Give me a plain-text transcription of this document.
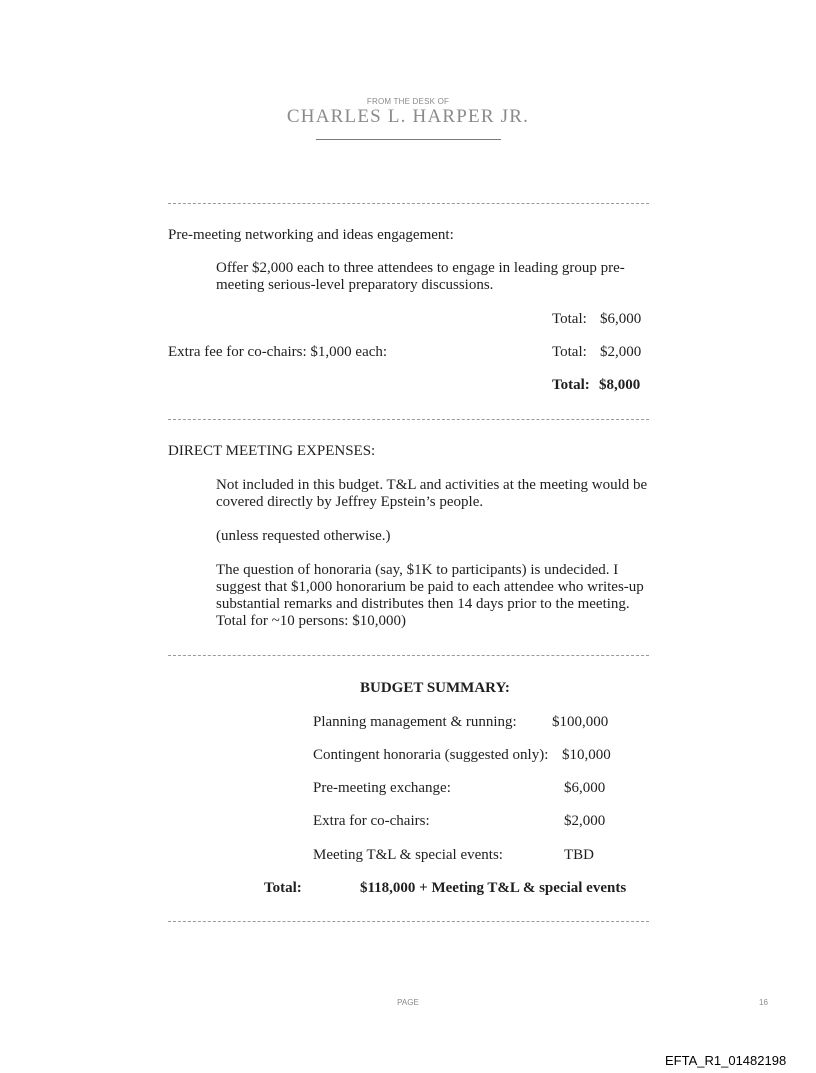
FROM THE DESK OF
CHARLES L. HARPER JR.
Pre-meeting networking and ideas engagement:
Offer $2,000 each to three attendees to engage in leading group pre-meeting serious-level preparatory discussions.
Total: $6,000
Extra fee for co-chairs: $1,000 each:	Total: $2,000
Total: $8,000
DIRECT MEETING EXPENSES:
Not included in this budget. T&L and activities at the meeting would be covered directly by Jeffrey Epstein’s people.
(unless requested otherwise.)
The question of honoraria (say, $1K to participants) is undecided. I suggest that $1,000 honorarium be paid to each attendee who writes-up substantial remarks and distributes then 14 days prior to the meeting. Total for ~10 persons: $10,000)
BUDGET SUMMARY:
Planning management & running: $100,000
Contingent honoraria (suggested only): $10,000
Pre-meeting exchange:	$6,000
Extra for co-chairs:	$2,000
Meeting T&L & special events:	TBD
Total:	$118,000 + Meeting T&L & special events
PAGE	16
EFTA_R1_01482198
